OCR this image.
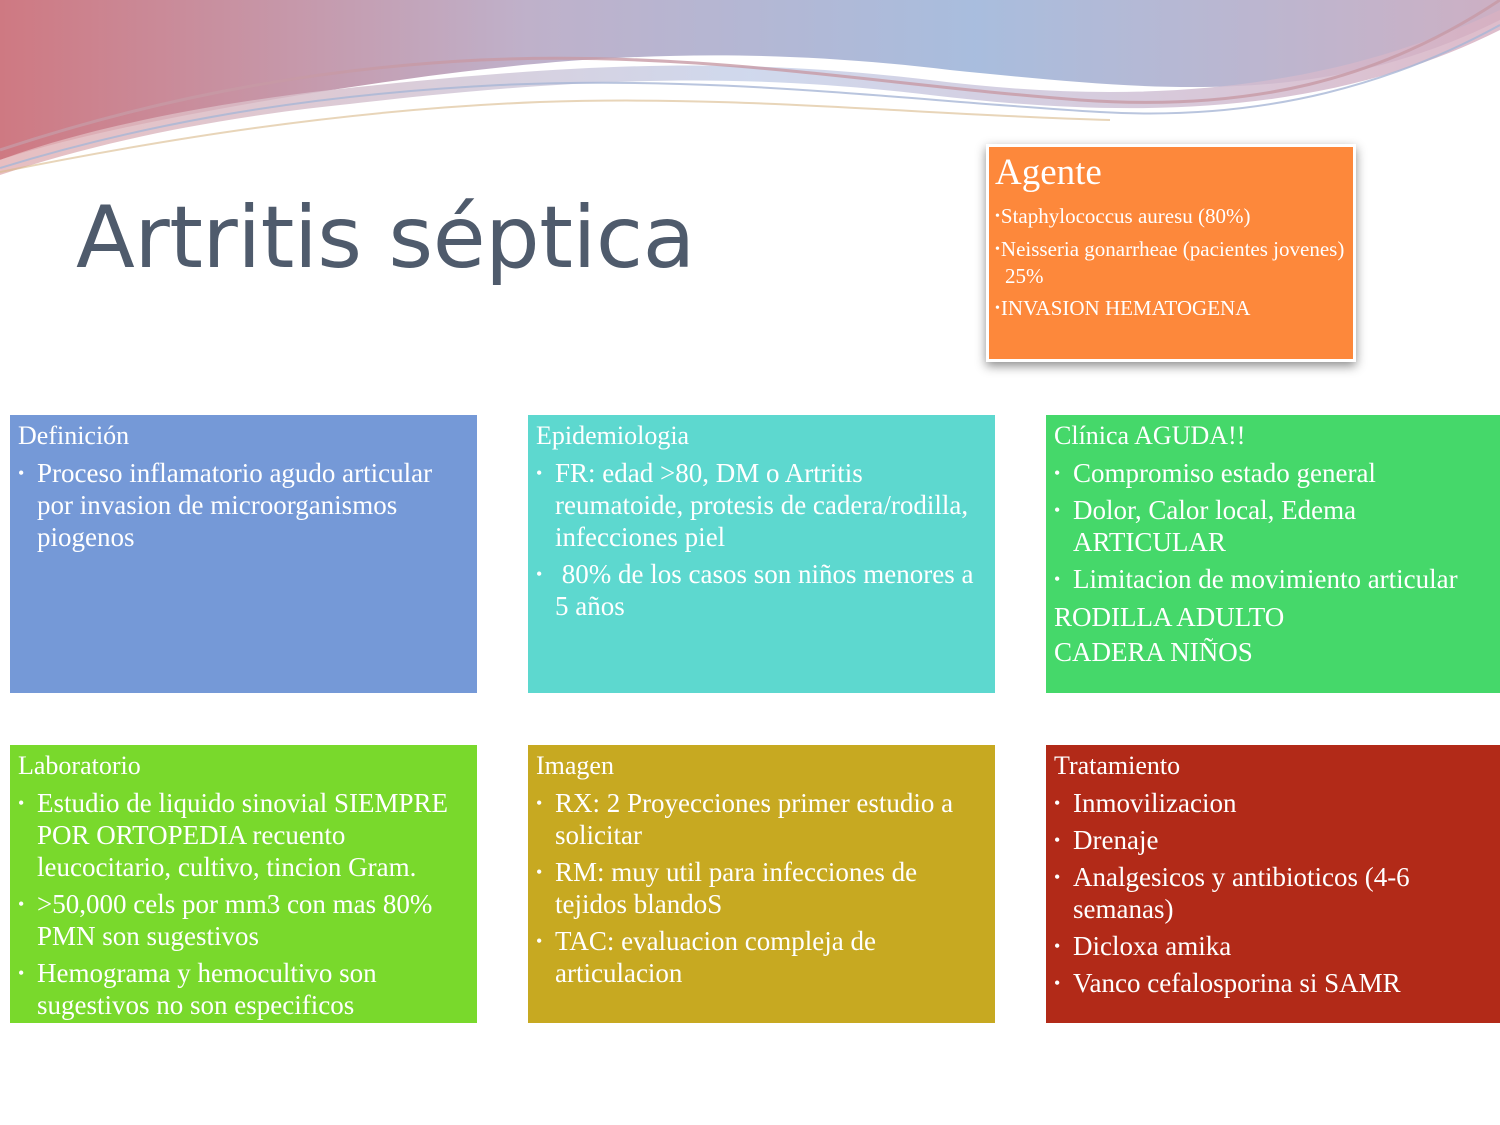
Artritis séptica
Agente
• Staphylococcus auresu (80%)
• Neisseria gonarrheae (pacientes jovenes) 25%
• INVASION HEMATOGENA
Definición
• Proceso inflamatorio agudo articular por invasion de microorganismos piogenos
Epidemiologia
• FR: edad >80, DM o Artritis reumatoide, protesis de cadera/rodilla, infecciones piel
•  80% de los casos son niños menores a 5 años
Clínica AGUDA!!
• Compromiso estado general
• Dolor, Calor local, Edema ARTICULAR
• Limitacion de movimiento articular
RODILLA ADULTO
CADERA NIÑOS
Laboratorio
• Estudio de liquido sinovial SIEMPRE POR ORTOPEDIA recuento leucocitario, cultivo, tincion Gram.
• >50,000 cels por mm3 con mas 80% PMN son sugestivos
• Hemograma y hemocultivo son sugestivos no son especificos
Imagen
• RX: 2 Proyecciones primer estudio a solicitar
• RM: muy util para infecciones de tejidos blandoS
• TAC: evaluacion compleja de articulacion
Tratamiento
• Inmovilizacion
• Drenaje
• Analgesicos y antibioticos (4-6 semanas)
• Dicloxa amika
• Vanco cefalosporina si SAMR
